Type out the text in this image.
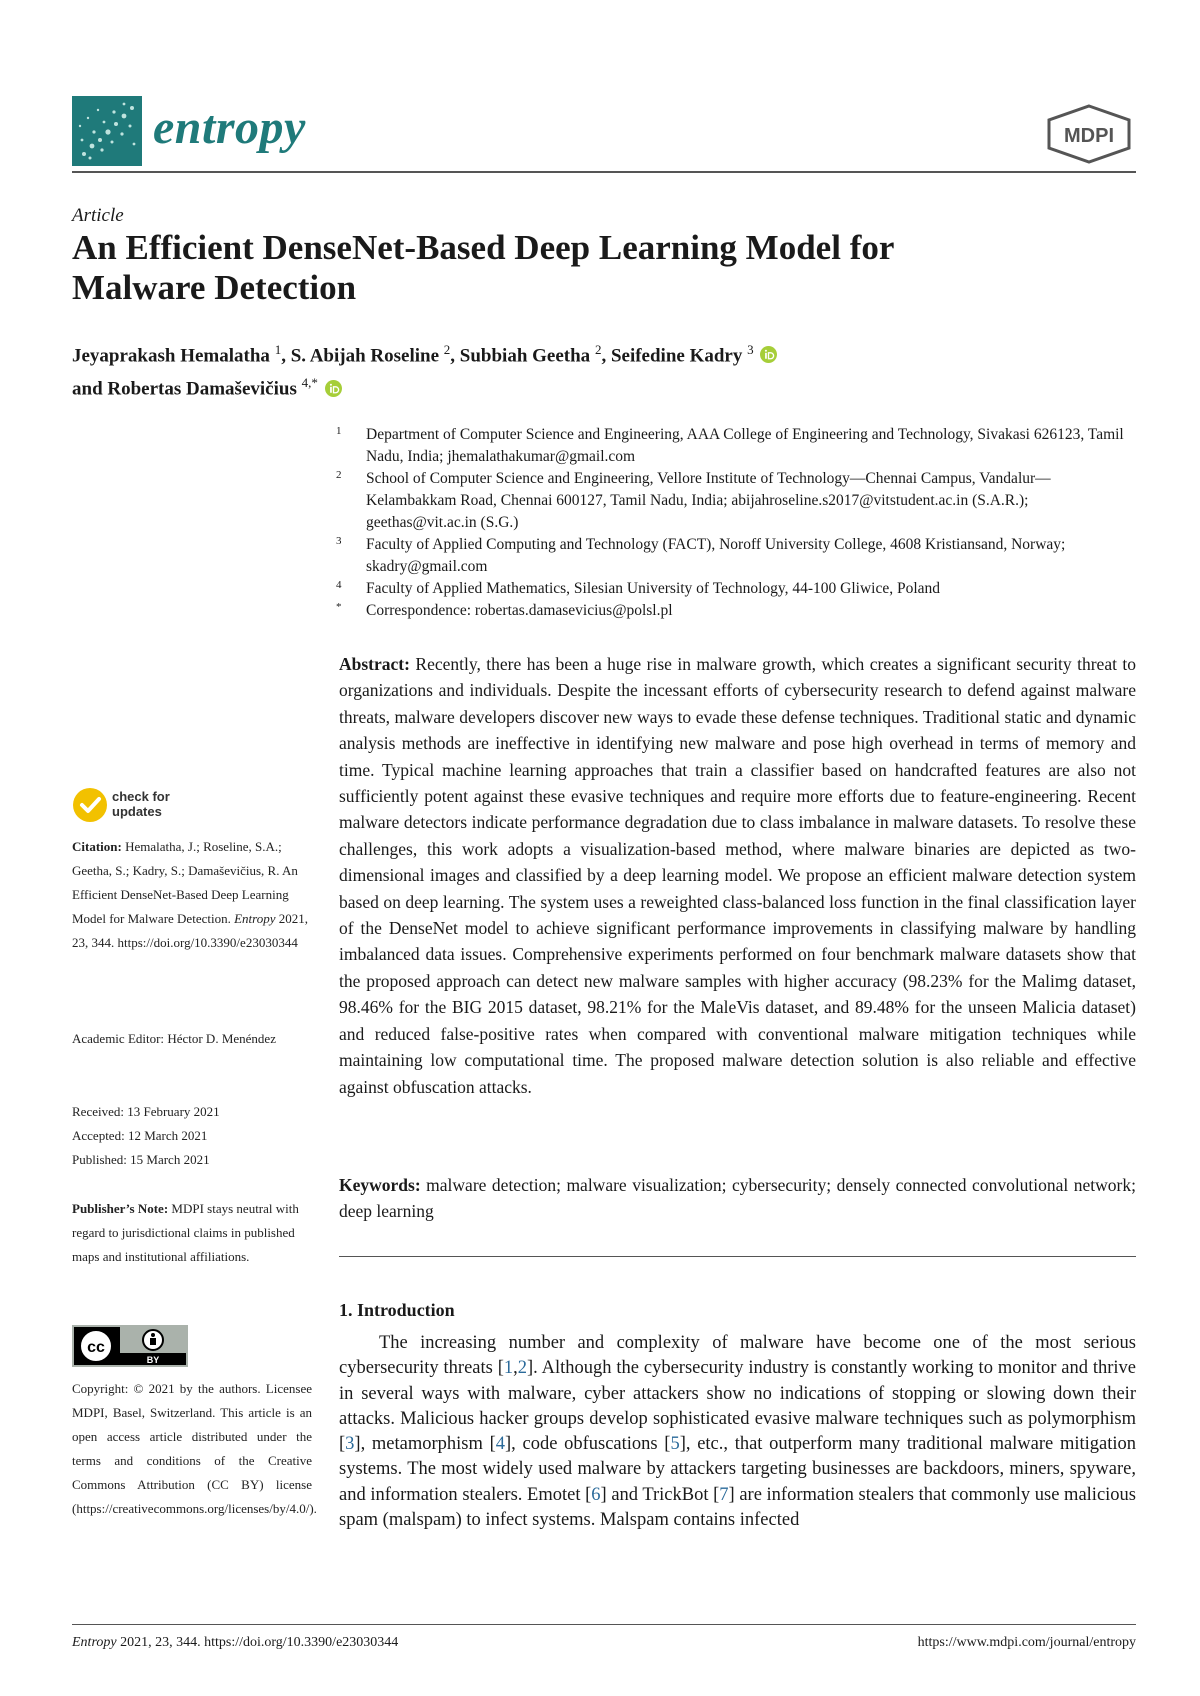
entropy	MDPI
Article
An Efficient DenseNet-Based Deep Learning Model for
Malware Detection
Jeyaprakash Hemalatha $^1$, S. Abijah Roseline $^2$, Subbiah Geetha $^2$, Seifedine Kadry $^3$
and Robertas Damaševičius $^{4,*}$
1 Department of Computer Science and Engineering, AAA College of Engineering and Technology, Sivakasi 626123, Tamil Nadu, India; jhemalathakumar@gmail.com
2 School of Computer Science and Engineering, Vellore Institute of Technology—Chennai Campus, Vandalur—Kelambakkam Road, Chennai 600127, Tamil Nadu, India; abijahroseline.s2017@vitstudent.ac.in (S.A.R.); geethas@vit.ac.in (S.G.)
3 Faculty of Applied Computing and Technology (FACT), Noroff University College, 4608 Kristiansand, Norway; skadry@gmail.com
4 Faculty of Applied Mathematics, Silesian University of Technology, 44-100 Gliwice, Poland
* Correspondence: robertas.damasevicius@polsl.pl
Abstract: Recently, there has been a huge rise in malware growth, which creates a significant security threat to organizations and individuals. Despite the incessant efforts of cybersecurity research to defend against malware threats, malware developers discover new ways to evade these defense techniques. Traditional static and dynamic analysis methods are ineffective in identifying new malware and pose high overhead in terms of memory and time. Typical machine learning approaches that train a classifier based on handcrafted features are also not sufficiently potent against these evasive techniques and require more efforts due to feature-engineering. Recent malware detectors indicate performance degradation due to class imbalance in malware datasets. To resolve these challenges, this work adopts a visualization-based method, where malware binaries are depicted as two-dimensional images and classified by a deep learning model. We propose an efficient malware detection system based on deep learning. The system uses a reweighted class-balanced loss function in the final classification layer of the DenseNet model to achieve significant performance improvements in classifying malware by handling imbalanced data issues. Comprehensive experiments performed on four benchmark malware datasets show that the proposed approach can detect new malware samples with higher accuracy (98.23% for the Malimg dataset, 98.46% for the BIG 2015 dataset, 98.21% for the MaleVis dataset, and 89.48% for the unseen Malicia dataset) and reduced false-positive rates when compared with conventional malware mitigation techniques while maintaining low computational time. The proposed malware detection solution is also reliable and effective against obfuscation attacks.
Keywords: malware detection; malware visualization; cybersecurity; densely connected convolutional network; deep learning
1. Introduction
The increasing number and complexity of malware have become one of the most serious cybersecurity threats [1,2]. Although the cybersecurity industry is constantly working to monitor and thrive in several ways with malware, cyber attackers show no indications of stopping or slowing down their attacks. Malicious hacker groups develop sophisticated evasive malware techniques such as polymorphism [3], metamorphism [4], code obfuscations [5], etc., that outperform many traditional malware mitigation systems. The most widely used malware by attackers targeting businesses are backdoors, miners, spyware, and information stealers. Emotet [6] and TrickBot [7] are information stealers that commonly use malicious spam (malspam) to infect systems. Malspam contains infected
check for updates
Citation: Hemalatha, J.; Roseline, S.A.; Geetha, S.; Kadry, S.; Damaševičius, R. An Efficient DenseNet-Based Deep Learning Model for Malware Detection. Entropy 2021, 23, 344. https://doi.org/10.3390/e23030344
Academic Editor: Héctor D. Menéndez
Received: 13 February 2021
Accepted: 12 March 2021
Published: 15 March 2021
Publisher’s Note: MDPI stays neutral with regard to jurisdictional claims in published maps and institutional affiliations.
cc
BY
Copyright: © 2021 by the authors. Licensee MDPI, Basel, Switzerland. This article is an open access article distributed under the terms and conditions of the Creative Commons Attribution (CC BY) license (https://creativecommons.org/licenses/by/4.0/).
Entropy 2021, 23, 344. https://doi.org/10.3390/e23030344	https://www.mdpi.com/journal/entropy
